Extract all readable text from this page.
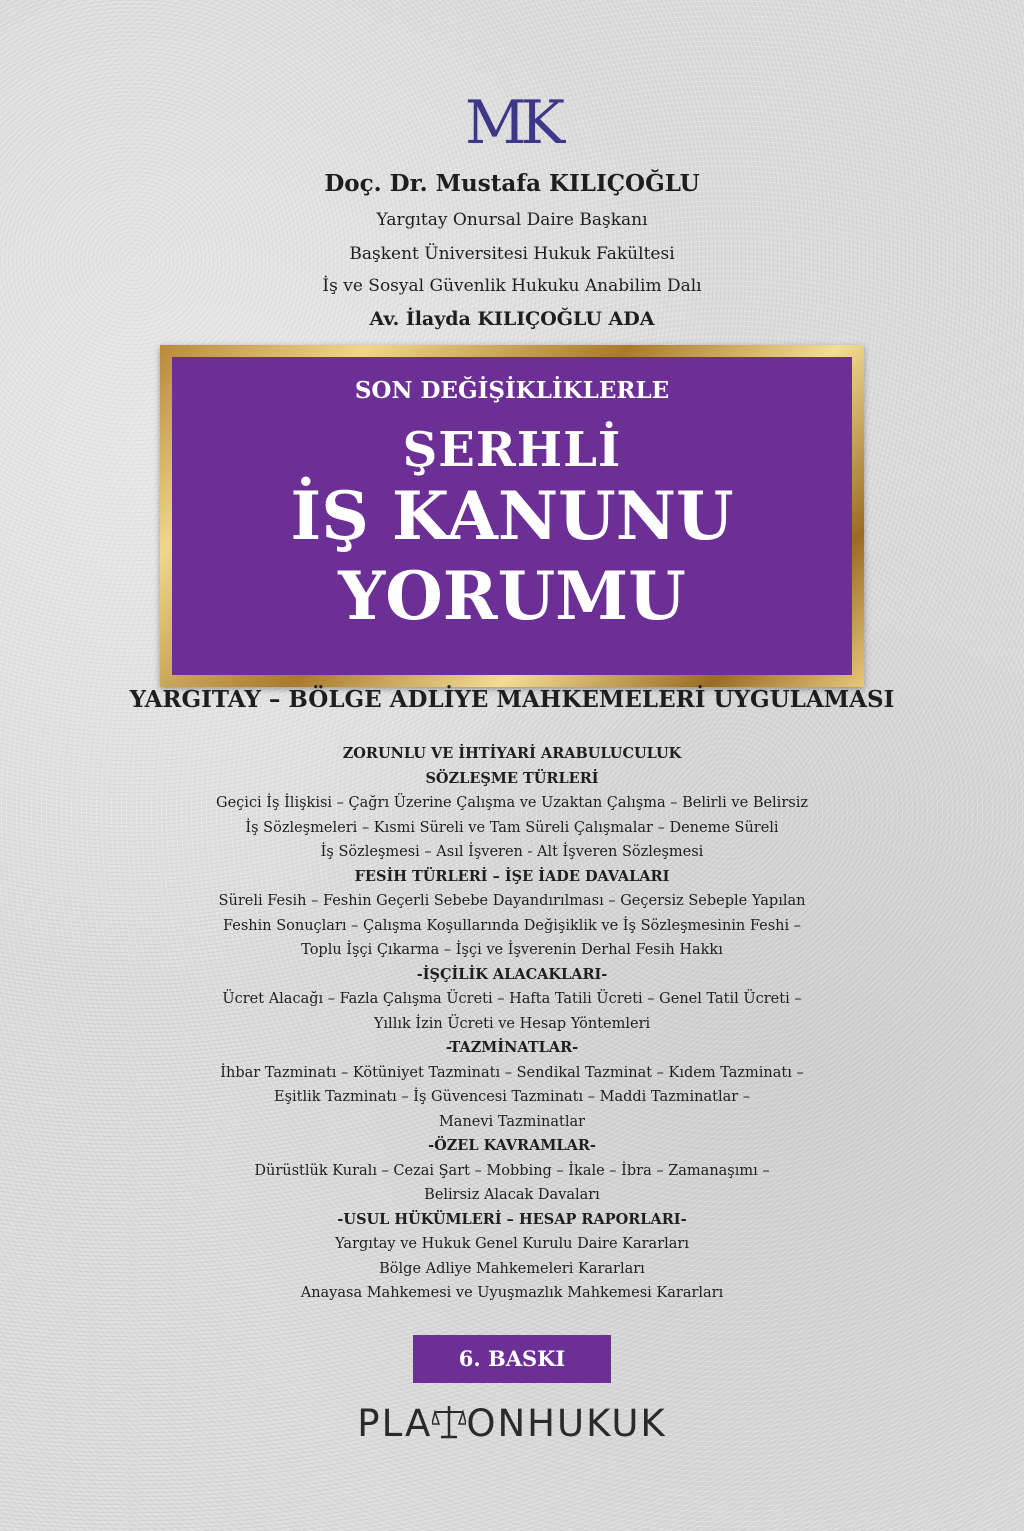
MK
Doç. Dr. Mustafa KILIÇOĞLU
Yargıtay Onursal Daire Başkanı
Başkent Üniversitesi Hukuk Fakültesi
İş ve Sosyal Güvenlik Hukuku Anabilim Dalı
Av. İlayda KILIÇOĞLU ADA
SON DEĞİŞİKLİKLERLE
ŞERHLİ
İŞ KANUNU
YORUMU
YARGITAY – BÖLGE ADLİYE MAHKEMELERİ UYGULAMASI
ZORUNLU VE İHTİYARİ ARABULUCULUK
SÖZLEŞME TÜRLERİ
Geçici İş İlişkisi – Çağrı Üzerine Çalışma ve Uzaktan Çalışma – Belirli ve Belirsiz
İş Sözleşmeleri – Kısmi Süreli ve Tam Süreli Çalışmalar – Deneme Süreli
İş Sözleşmesi – Asıl İşveren - Alt İşveren Sözleşmesi
FESİH TÜRLERİ – İŞE İADE DAVALARI
Süreli Fesih – Feshin Geçerli Sebebe Dayandırılması – Geçersiz Sebeple Yapılan
Feshin Sonuçları – Çalışma Koşullarında Değişiklik ve İş Sözleşmesinin Feshi –
Toplu İşçi Çıkarma – İşçi ve İşverenin Derhal Fesih Hakkı
-İŞÇİLİK ALACAKLARI-
Ücret Alacağı – Fazla Çalışma Ücreti – Hafta Tatili Ücreti – Genel Tatil Ücreti –
Yıllık İzin Ücreti ve Hesap Yöntemleri
-TAZMİNATLAR-
İhbar Tazminatı – Kötüniyet Tazminatı – Sendikal Tazminat – Kıdem Tazminatı –
Eşitlik Tazminatı – İş Güvencesi Tazminatı – Maddi Tazminatlar –
Manevi Tazminatlar
-ÖZEL KAVRAMLAR-
Dürüstlük Kuralı – Cezai Şart – Mobbing – İkale – İbra – Zamanaşımı –
Belirsiz Alacak Davaları
-USUL HÜKÜMLERİ – HESAP RAPORLARI-
Yargıtay ve Hukuk Genel Kurulu Daire Kararları
Bölge Adliye Mahkemeleri Kararları
Anayasa Mahkemesi ve Uyuşmazlık Mahkemesi Kararları
6. BASKI
PLA ONHUKUK
